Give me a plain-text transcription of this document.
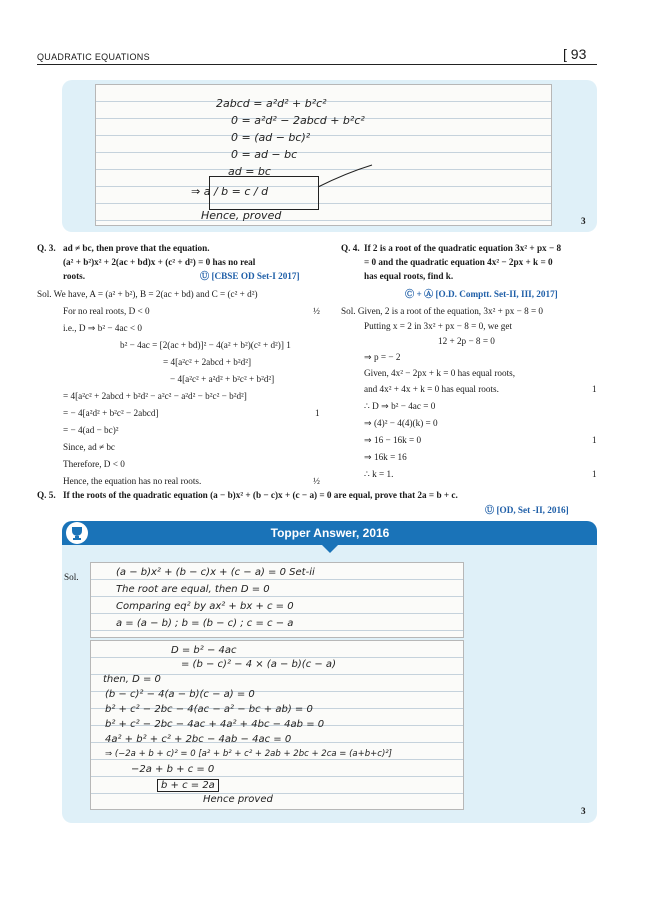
QUADRATIC EQUATIONS	[ 93
2abcd = a²d² + b²c²
0 = a²d² − 2abcd + b²c²
0 = (ad − bc)²
0 = ad − bc
ad = bc
⇒ a / b = c / d
Hence, proved	3
Q. 3. ad ≠ bc, then prove that the equation.
(a² + b²)x² + 2(ac + bd)x + (c² + d²) = 0 has no real
roots.	Ⓤ [CBSE OD Set-I 2017]
Sol. We have, A = (a² + b²), B = 2(ac + bd) and C = (c² + d²)
For no real roots, D < 0
i.e., D ⇒ b² − 4ac < 0
b² − 4ac = [2(ac + bd)]² − 4(a² + b²)(c² + d²)] 1
= 4[a²c² + 2abcd + b²d²]
− 4[a²c² + a²d² + b²c² + b²d²]
= 4[a²c² + 2abcd + b²d² − a²c² − a²d² − b²c² − b²d²]
= − 4[a²d² + b²c² − 2abcd]
= − 4(ad − bc)²
Since, ad ≠ bc
Therefore, D < 0
Hence, the equation has no real roots.
½
1
½
Q. 4. If 2 is a root of the quadratic equation 3x² + px − 8
= 0 and the quadratic equation 4x² − 2px + k = 0
has equal roots, find k.
Ⓒ + Ⓐ [O.D. Comptt. Set-II, III, 2017]
Sol. Given, 2 is a root of the equation, 3x² + px − 8 = 0
Putting x = 2 in 3x² + px − 8 = 0, we get
12 + 2p − 8 = 0
⇒ p = − 2
Given, 4x² − 2px + k = 0 has equal roots,
and 4x² + 4x + k = 0 has equal roots.
∴ D ⇒ b² − 4ac = 0
⇒ (4)² − 4(4)(k) = 0
⇒ 16 − 16k = 0
⇒ 16k = 16
∴ k = 1.
1
1
1
Q. 5. If the roots of the quadratic equation (a − b)x² + (b − c)x + (c − a) = 0 are equal, prove that 2a = b + c.
Ⓤ [OD, Set -II, 2016]
Topper Answer, 2016
Sol.	(a − b)x² + (b − c)x + (c − a) = 0 Set-ii
The root are equal, then D = 0
Comparing eq² by ax² + bx + c = 0
a = (a − b) ; b = (b − c) ; c = c − a
D = b² − 4ac
= (b − c)² − 4 × (a − b)(c − a)
then, D = 0
(b − c)² − 4(a − b)(c − a) = 0
b² + c² − 2bc − 4(ac − a² − bc + ab) = 0
b² + c² − 2bc − 4ac + 4a² + 4bc − 4ab = 0
4a² + b² + c² + 2bc − 4ab − 4ac = 0
⇒ (−2a + b + c)² = 0 [a² + b² + c² + 2ab + 2bc + 2ca = (a+b+c)²]
−2a + b + c = 0
b + c = 2a
Hence proved
3
